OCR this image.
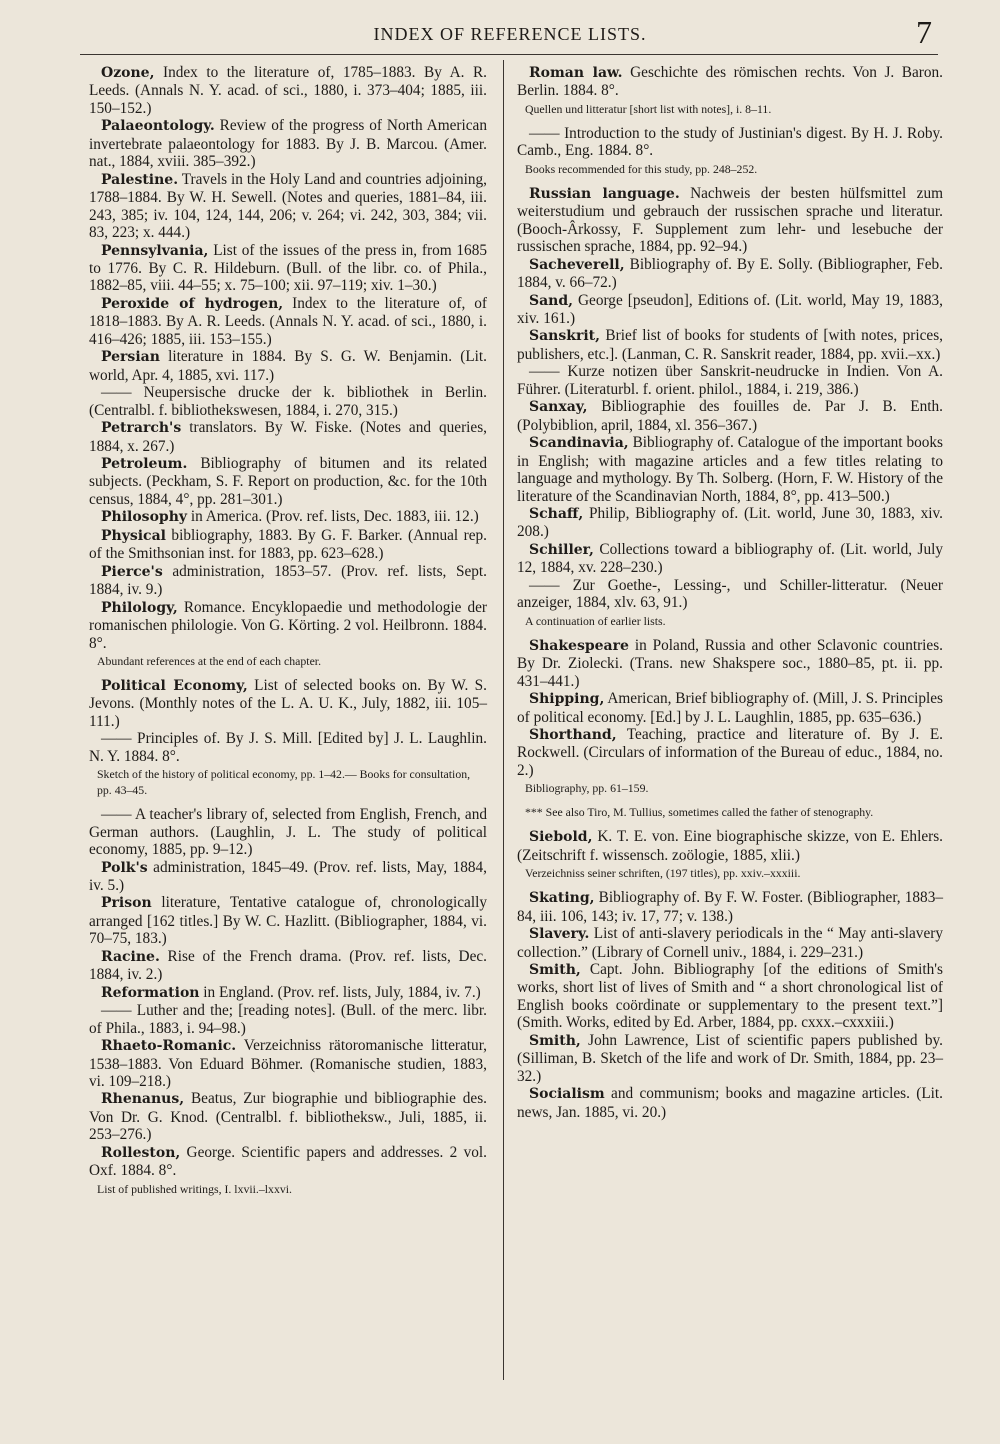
INDEX OF REFERENCE LISTS.	7

Ozone, Index to the literature of, 1785–1883. By A. R. Leeds. (Annals N. Y. acad. of sci., 1880, i. 373–404; 1885, iii. 150–152.)

Palaeontology. Review of the progress of North American invertebrate palaeontology for 1883. By J. B. Marcou. (Amer. nat., 1884, xviii. 385–392.)

Palestine. Travels in the Holy Land and countries adjoining, 1788–1884. By W. H. Sewell. (Notes and queries, 1881–84, iii. 243, 385; iv. 104, 124, 144, 206; v. 264; vi. 242, 303, 384; vii. 83, 223; x. 444.)

Pennsylvania, List of the issues of the press in, from 1685 to 1776. By C. R. Hildeburn. (Bull. of the libr. co. of Phila., 1882–85, viii. 44–55; x. 75–100; xii. 97–119; xiv. 1–30.)

Peroxide of hydrogen, Index to the literature of, of 1818–1883. By A. R. Leeds. (Annals N. Y. acad. of sci., 1880, i. 416–426; 1885, iii. 153–155.)

Persian literature in 1884. By S. G. W. Benjamin. (Lit. world, Apr. 4, 1885, xvi. 117.)

—— Neupersische drucke der k. bibliothek in Berlin. (Centralbl. f. bibliothekswesen, 1884, i. 270, 315.)

Petrarch's translators. By W. Fiske. (Notes and queries, 1884, x. 267.)

Petroleum. Bibliography of bitumen and its related subjects. (Peckham, S. F. Report on production, &c. for the 10th census, 1884, 4°, pp. 281–301.)

Philosophy in America. (Prov. ref. lists, Dec. 1883, iii. 12.)

Physical bibliography, 1883. By G. F. Barker. (Annual rep. of the Smithsonian inst. for 1883, pp. 623–628.)

Pierce's administration, 1853–57. (Prov. ref. lists, Sept. 1884, iv. 9.)

Philology, Romance. Encyklopaedie und methodologie der romanischen philologie. Von G. Körting. 2 vol. Heilbronn. 1884. 8°.

Abundant references at the end of each chapter.

Political Economy, List of selected books on. By W. S. Jevons. (Monthly notes of the L. A. U. K., July, 1882, iii. 105–111.)

—— Principles of. By J. S. Mill. [Edited by] J. L. Laughlin. N. Y. 1884. 8°.

Sketch of the history of political economy, pp. 1–42.— Books for consultation, pp. 43–45.

—— A teacher's library of, selected from English, French, and German authors. (Laughlin, J. L. The study of political economy, 1885, pp. 9–12.)

Polk's administration, 1845–49. (Prov. ref. lists, May, 1884, iv. 5.)

Prison literature, Tentative catalogue of, chronologically arranged [162 titles.] By W. C. Hazlitt. (Bibliographer, 1884, vi. 70–75, 183.)

Racine. Rise of the French drama. (Prov. ref. lists, Dec. 1884, iv. 2.)

Reformation in England. (Prov. ref. lists, July, 1884, iv. 7.)

—— Luther and the; [reading notes]. (Bull. of the merc. libr. of Phila., 1883, i. 94–98.)

Rhaeto-Romanic. Verzeichniss rätoromanische litteratur, 1538–1883. Von Eduard Böhmer. (Romanische studien, 1883, vi. 109–218.)

Rhenanus, Beatus, Zur biographie und bibliographie des. Von Dr. G. Knod. (Centralbl. f. bibliotheksw., Juli, 1885, ii. 253–276.)

Rolleston, George. Scientific papers and addresses. 2 vol. Oxf. 1884. 8°.

List of published writings, I. lxvii.–lxxvi.

Roman law. Geschichte des römischen rechts. Von J. Baron. Berlin. 1884. 8°.

Quellen und litteratur [short list with notes], i. 8–11.

—— Introduction to the study of Justinian's digest. By H. J. Roby. Camb., Eng. 1884. 8°.

Books recommended for this study, pp. 248–252.

Russian language. Nachweis der besten hülfsmittel zum weiterstudium und gebrauch der russischen sprache und literatur. (Booch-Ârkossy, F. Supplement zum lehr- und lesebuche der russischen sprache, 1884, pp. 92–94.)

Sacheverell, Bibliography of. By E. Solly. (Bibliographer, Feb. 1884, v. 66–72.)

Sand, George [pseudon], Editions of. (Lit. world, May 19, 1883, xiv. 161.)

Sanskrit, Brief list of books for students of [with notes, prices, publishers, etc.]. (Lanman, C. R. Sanskrit reader, 1884, pp. xvii.–xx.)

—— Kurze notizen über Sanskrit-neudrucke in Indien. Von A. Führer. (Literaturbl. f. orient. philol., 1884, i. 219, 386.)

Sanxay, Bibliographie des fouilles de. Par J. B. Enth. (Polybiblion, april, 1884, xl. 356–367.)

Scandinavia, Bibliography of. Catalogue of the important books in English; with magazine articles and a few titles relating to language and mythology. By Th. Solberg. (Horn, F. W. History of the literature of the Scandinavian North, 1884, 8°, pp. 413–500.)

Schaff, Philip, Bibliography of. (Lit. world, June 30, 1883, xiv. 208.)

Schiller, Collections toward a bibliography of. (Lit. world, July 12, 1884, xv. 228–230.)

—— Zur Goethe-, Lessing-, und Schiller-litteratur. (Neuer anzeiger, 1884, xlv. 63, 91.)

A continuation of earlier lists.

Shakespeare in Poland, Russia and other Sclavonic countries. By Dr. Ziolecki. (Trans. new Shakspere soc., 1880–85, pt. ii. pp. 431–441.)

Shipping, American, Brief bibliography of. (Mill, J. S. Principles of political economy. [Ed.] by J. L. Laughlin, 1885, pp. 635–636.)

Shorthand, Teaching, practice and literature of. By J. E. Rockwell. (Circulars of information of the Bureau of educ., 1884, no. 2.)

Bibliography, pp. 61–159.

*** See also Tiro, M. Tullius, sometimes called the father of stenography.

Siebold, K. T. E. von. Eine biographische skizze, von E. Ehlers. (Zeitschrift f. wissensch. zoölogie, 1885, xlii.)

Verzeichniss seiner schriften, (197 titles), pp. xxiv.–xxxiii.

Skating, Bibliography of. By F. W. Foster. (Bibliographer, 1883–84, iii. 106, 143; iv. 17, 77; v. 138.)

Slavery. List of anti-slavery periodicals in the “ May anti-slavery collection.” (Library of Cornell univ., 1884, i. 229–231.)

Smith, Capt. John. Bibliography [of the editions of Smith's works, short list of lives of Smith and “ a short chronological list of English books coördinate or supplementary to the present text.”] (Smith. Works, edited by Ed. Arber, 1884, pp. cxxx.–cxxxiii.)

Smith, John Lawrence, List of scientific papers published by. (Silliman, B. Sketch of the life and work of Dr. Smith, 1884, pp. 23–32.)

Socialism and communism; books and magazine articles. (Lit. news, Jan. 1885, vi. 20.)
